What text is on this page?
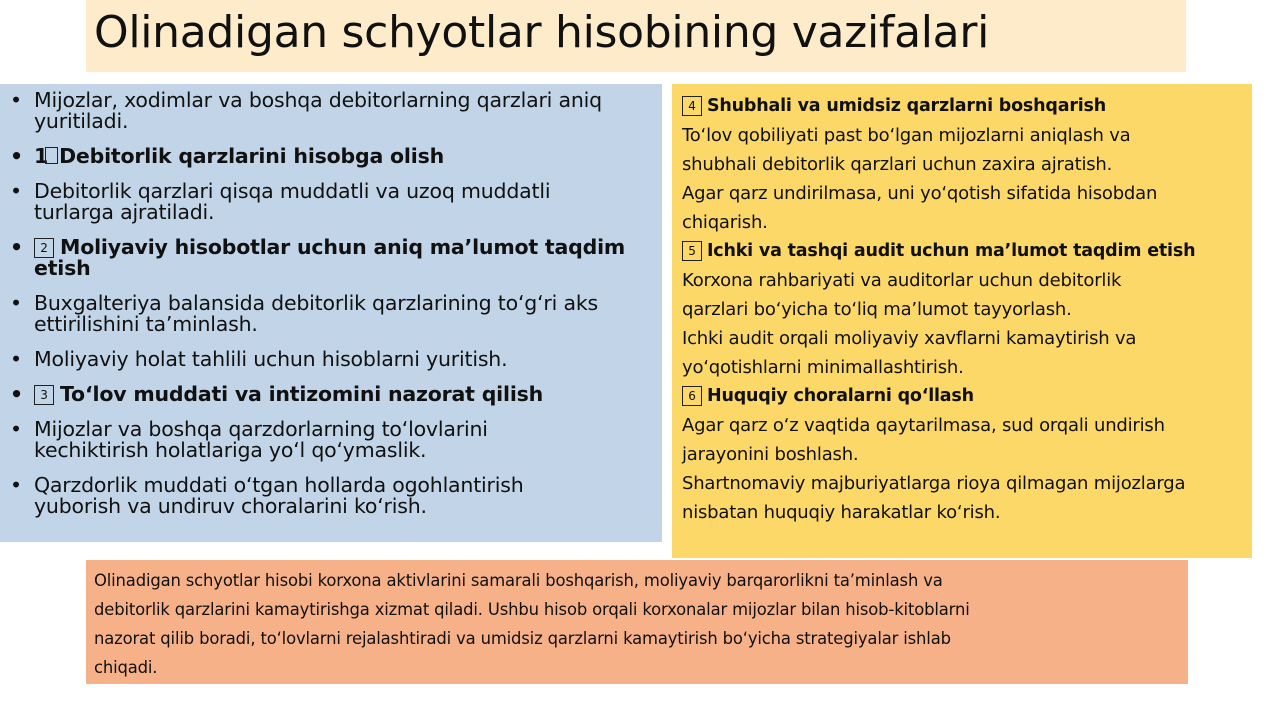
Olinadigan schyotlar hisobining vazifalari
• Mijozlar, xodimlar va boshqa debitorlarning qarzlari aniq
yuritiladi.
• 1 Debitorlik qarzlarini hisobga olish
• Debitorlik qarzlari qisqa muddatli va uzoq muddatli
turlarga ajratiladi.
• 2 Moliyaviy hisobotlar uchun aniq ma’lumot taqdim
etish
• Buxgalteriya balansida debitorlik qarzlarining to‘g‘ri aks
ettirilishini ta’minlash.
• Moliyaviy holat tahlili uchun hisoblarni yuritish.
• 3 To‘lov muddati va intizomini nazorat qilish
• Mijozlar va boshqa qarzdorlarning to‘lovlarini
kechiktirish holatlariga yo‘l qo‘ymaslik.
• Qarzdorlik muddati o‘tgan hollarda ogohlantirish
yuborish va undiruv choralarini ko‘rish.
4 Shubhali va umidsiz qarzlarni boshqarish
To‘lov qobiliyati past bo‘lgan mijozlarni aniqlash va
shubhali debitorlik qarzlari uchun zaxira ajratish.
Agar qarz undirilmasa, uni yo‘qotish sifatida hisobdan
chiqarish.
5 Ichki va tashqi audit uchun ma’lumot taqdim etish
Korxona rahbariyati va auditorlar uchun debitorlik
qarzlari bo‘yicha to‘liq ma’lumot tayyorlash.
Ichki audit orqali moliyaviy xavflarni kamaytirish va
yo‘qotishlarni minimallashtirish.
6 Huquqiy choralarni qo‘llash
Agar qarz o‘z vaqtida qaytarilmasa, sud orqali undirish
jarayonini boshlash.
Shartnomaviy majburiyatlarga rioya qilmagan mijozlarga
nisbatan huquqiy harakatlar ko‘rish.
Olinadigan schyotlar hisobi korxona aktivlarini samarali boshqarish, moliyaviy barqarorlikni ta’minlash va
debitorlik qarzlarini kamaytirishga xizmat qiladi. Ushbu hisob orqali korxonalar mijozlar bilan hisob-kitoblarni
nazorat qilib boradi, to‘lovlarni rejalashtiradi va umidsiz qarzlarni kamaytirish bo‘yicha strategiyalar ishlab
chiqadi.
